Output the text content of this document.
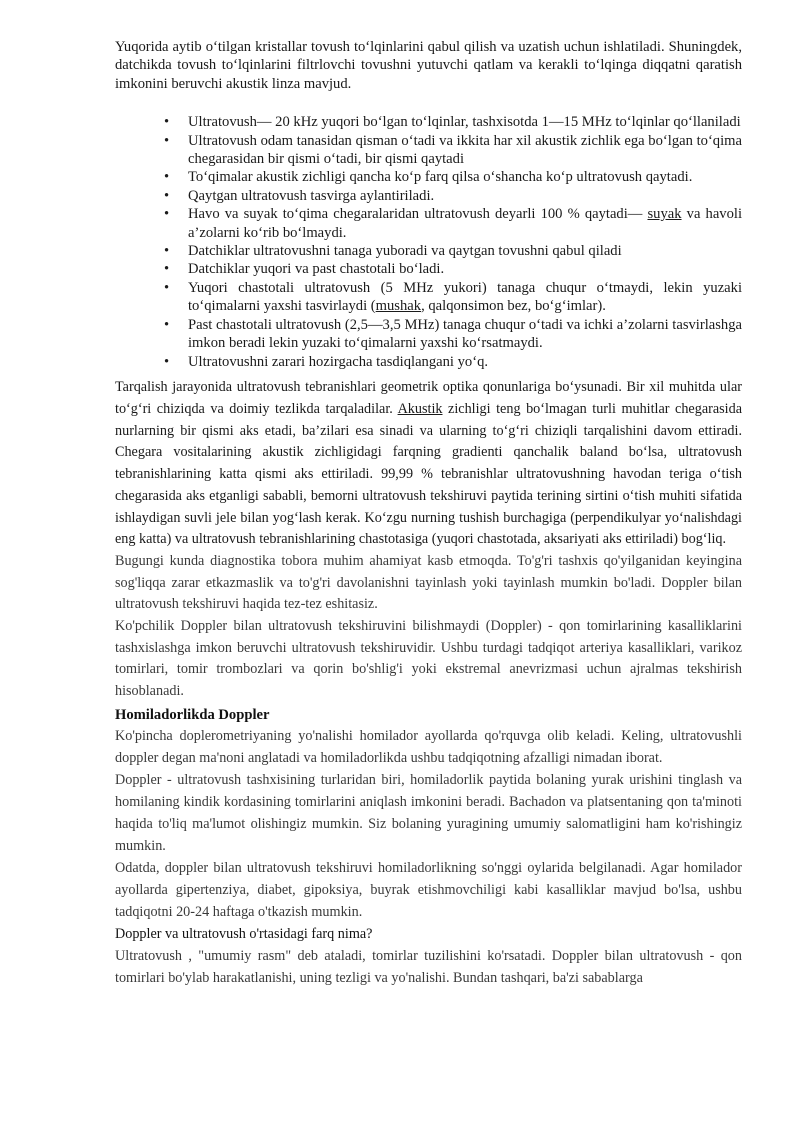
Yuqorida aytib o‘tilgan kristallar tovush to‘lqinlarini qabul qilish va uzatish uchun ishlatiladi. Shuningdek, datchikda tovush to‘lqinlarini filtrlovchi tovushni yutuvchi qatlam va kerakli to‘lqinga diqqatni qaratish imkonini beruvchi akustik linza mavjud.

• Ultratovush— 20 kHz yuqori bo‘lgan to‘lqinlar, tashxisotda 1—15 MHz to‘lqinlar qo‘llaniladi
• Ultratovush odam tanasidan qisman o‘tadi va ikkita har xil akustik zichlik ega bo‘lgan to‘qima chegarasidan bir qismi o‘tadi, bir qismi qaytadi
• To‘qimalar akustik zichligi qancha ko‘p farq qilsa o‘shancha ko‘p ultratovush qaytadi.
• Qaytgan ultratovush tasvirga aylantiriladi.
• Havo va suyak to‘qima chegaralaridan ultratovush deyarli 100 % qaytadi— suyak va havoli a’zolarni ko‘rib bo‘lmaydi.
• Datchiklar ultratovushni tanaga yuboradi va qaytgan tovushni qabul qiladi
• Datchiklar yuqori va past chastotali bo‘ladi.
• Yuqori chastotali ultratovush (5 MHz yukori) tanaga chuqur o‘tmaydi, lekin yuzaki to‘qimalarni yaxshi tasvirlaydi (mushak, qalqonsimon bez, bo‘g‘imlar).
• Past chastotali ultratovush (2,5—3,5 MHz) tanaga chuqur o‘tadi va ichki a’zolarni tasvirlashga imkon beradi lekin yuzaki to‘qimalarni yaxshi ko‘rsatmaydi.
• Ultratovushni zarari hozirgacha tasdiqlangani yo‘q.

Tarqalish jarayonida ultratovush tebranishlari geometrik optika qonunlariga bo‘ysunadi. Bir xil muhitda ular to‘g‘ri chiziqda va doimiy tezlikda tarqaladilar. Akustik zichligi teng bo‘lmagan turli muhitlar chegarasida nurlarning bir qismi aks etadi, ba’zilari esa sinadi va ularning to‘g‘ri chiziqli tarqalishini davom ettiradi. Chegara vositalarining akustik zichligidagi farqning gradienti qanchalik baland bo‘lsa, ultratovush tebranishlarining katta qismi aks ettiriladi. 99,99 % tebranishlar ultratovushning havodan teriga o‘tish chegarasida aks etganligi sababli, bemorni ultratovush tekshiruvi paytida terining sirtini o‘tish muhiti sifatida ishlaydigan suvli jele bilan yog‘lash kerak. Ko‘zgu nurning tushish burchagiga (perpendikulyar yo‘nalishdagi eng katta) va ultratovush tebranishlarining chastotasiga (yuqori chastotada, aksariyati aks ettiriladi) bog‘liq.

Bugungi kunda diagnostika tobora muhim ahamiyat kasb etmoqda. To'g'ri tashxis qo'yilganidan keyingina sog'liqqa zarar etkazmaslik va to'g'ri davolanishni tayinlash yoki tayinlash mumkin bo'ladi. Doppler bilan ultratovush tekshiruvi haqida tez-tez eshitasiz.

Ko'pchilik Doppler bilan ultratovush tekshiruvini bilishmaydi (Doppler) - qon tomirlarining kasalliklarini tashxislashga imkon beruvchi ultratovush tekshiruvidir. Ushbu turdagi tadqiqot arteriya kasalliklari, varikoz tomirlari, tomir trombozlari va qorin bo'shlig'i yoki ekstremal anevrizmasi uchun ajralmas tekshirish hisoblanadi.

Homiladorlikda Doppler

Ko'pincha doplerometriyaning yo'nalishi homilador ayollarda qo'rquvga olib keladi. Keling, ultratovushli doppler degan ma'noni anglatadi va homiladorlikda ushbu tadqiqotning afzalligi nimadan iborat.

Doppler - ultratovush tashxisining turlaridan biri, homiladorlik paytida bolaning yurak urishini tinglash va homilaning kindik kordasining tomirlarini aniqlash imkonini beradi. Bachadon va platsentaning qon ta'minoti haqida to'liq ma'lumot olishingiz mumkin. Siz bolaning yuragining umumiy salomatligini ham ko'rishingiz mumkin.

Odatda, doppler bilan ultratovush tekshiruvi homiladorlikning so'nggi oylarida belgilanadi. Agar homilador ayollarda gipertenziya, diabet, gipoksiya, buyrak etishmovchiligi kabi kasalliklar mavjud bo'lsa, ushbu tadqiqotni 20-24 haftaga o'tkazish mumkin.

Doppler va ultratovush o'rtasidagi farq nima?

Ultratovush , "umumiy rasm" deb ataladi, tomirlar tuzilishini ko'rsatadi. Doppler bilan ultratovush - qon tomirlari bo'ylab harakatlanishi, uning tezligi va yo'nalishi. Bundan tashqari, ba'zi sabablarga
